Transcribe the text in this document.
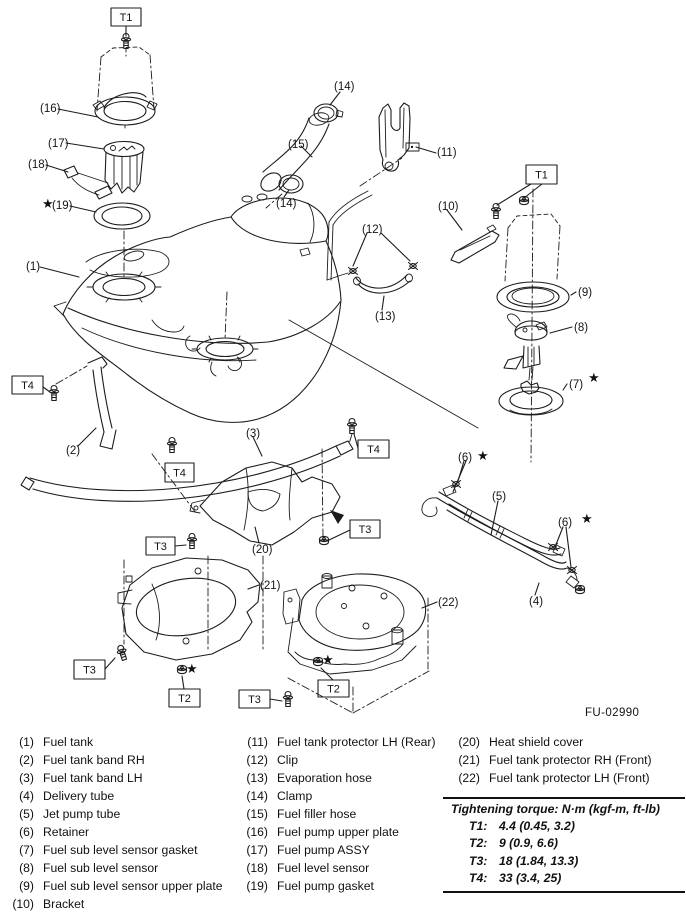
T1
T1
T4
T4
T4
T3
T3
T3
T3
T2
T2
(16)
(17)
(18)
(19)
(1)
(2)
(3)
(14)
(15)
(14)
(11)
(10)
(12)
(13)
(9)
(8)
(7)
(20)
(21)
(22)
(6)
(5)
(6)
(4)
★
★
★
★
★
★
FU-02990
(1) Fuel tank
(2) Fuel tank band RH
(3) Fuel tank band LH
(4) Delivery tube
(5) Jet pump tube
(6) Retainer
(7) Fuel sub level sensor gasket
(8) Fuel sub level sensor
(9) Fuel sub level sensor upper plate
(10) Bracket
(11) Fuel tank protector LH (Rear)
(12) Clip
(13) Evaporation hose
(14) Clamp
(15) Fuel filler hose
(16) Fuel pump upper plate
(17) Fuel pump ASSY
(18) Fuel level sensor
(19) Fuel pump gasket
(20) Heat shield cover
(21) Fuel tank protector RH (Front)
(22) Fuel tank protector LH (Front)
Tightening torque: N·m (kgf-m, ft-lb)
T1: 4.4 (0.45, 3.2)
T2: 9 (0.9, 6.6)
T3: 18 (1.84, 13.3)
T4: 33 (3.4, 25)
